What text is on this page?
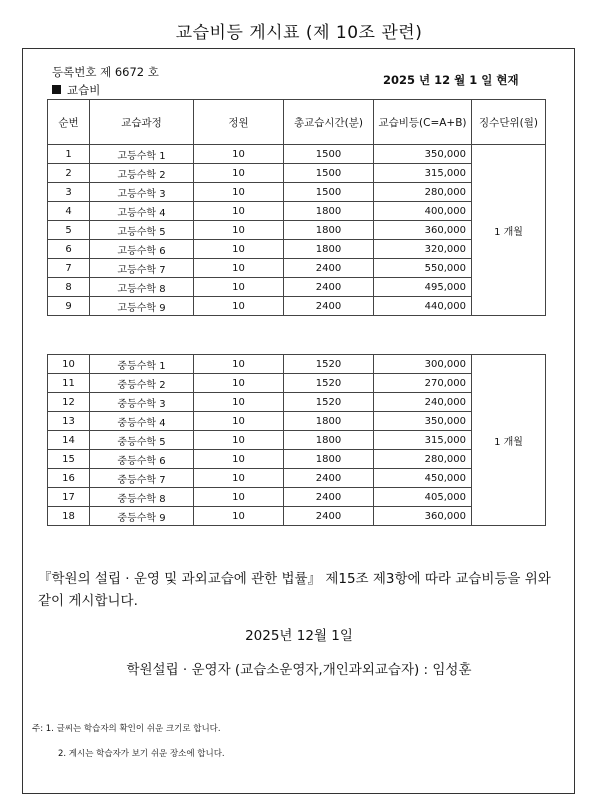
교습비등 게시표 (제 10조 관련)
등록번호 제 6672 호
교습비
2025 년 12 월 1 일 현재
순번	교습과정	정원	총교습시간(분)	교습비등(C=A+B)	징수단위(월)
1	고등수학 1	10	1500	350,000	1 개월
2	고등수학 2	10	1500	315,000	
3	고등수학 3	10	1500	280,000	
4	고등수학 4	10	1800	400,000	
5	고등수학 5	10	1800	360,000	
6	고등수학 6	10	1800	320,000	
7	고등수학 7	10	2400	550,000	
8	고등수학 8	10	2400	495,000	
9	고등수학 9	10	2400	440,000	
10	중등수학 1	10	1520	300,000	1 개월
11	중등수학 2	10	1520	270,000	
12	중등수학 3	10	1520	240,000	
13	중등수학 4	10	1800	350,000	
14	중등수학 5	10	1800	315,000	
15	중등수학 6	10	1800	280,000	
16	중등수학 7	10	2400	450,000	
17	중등수학 8	10	2400	405,000	
18	중등수학 9	10	2400	360,000	
『학원의 설립 · 운영 및 과외교습에 관한 법률』 제15조 제3항에 따라 교습비등을 위와 같이 게시합니다.
2025년 12월 1일
학원설립 · 운영자 (교습소운영자,개인과외교습자) : 임성훈
주: 1. 글씨는 학습자의 확인이 쉬운 크기로 합니다.
2. 게시는 학습자가 보기 쉬운 장소에 합니다.
